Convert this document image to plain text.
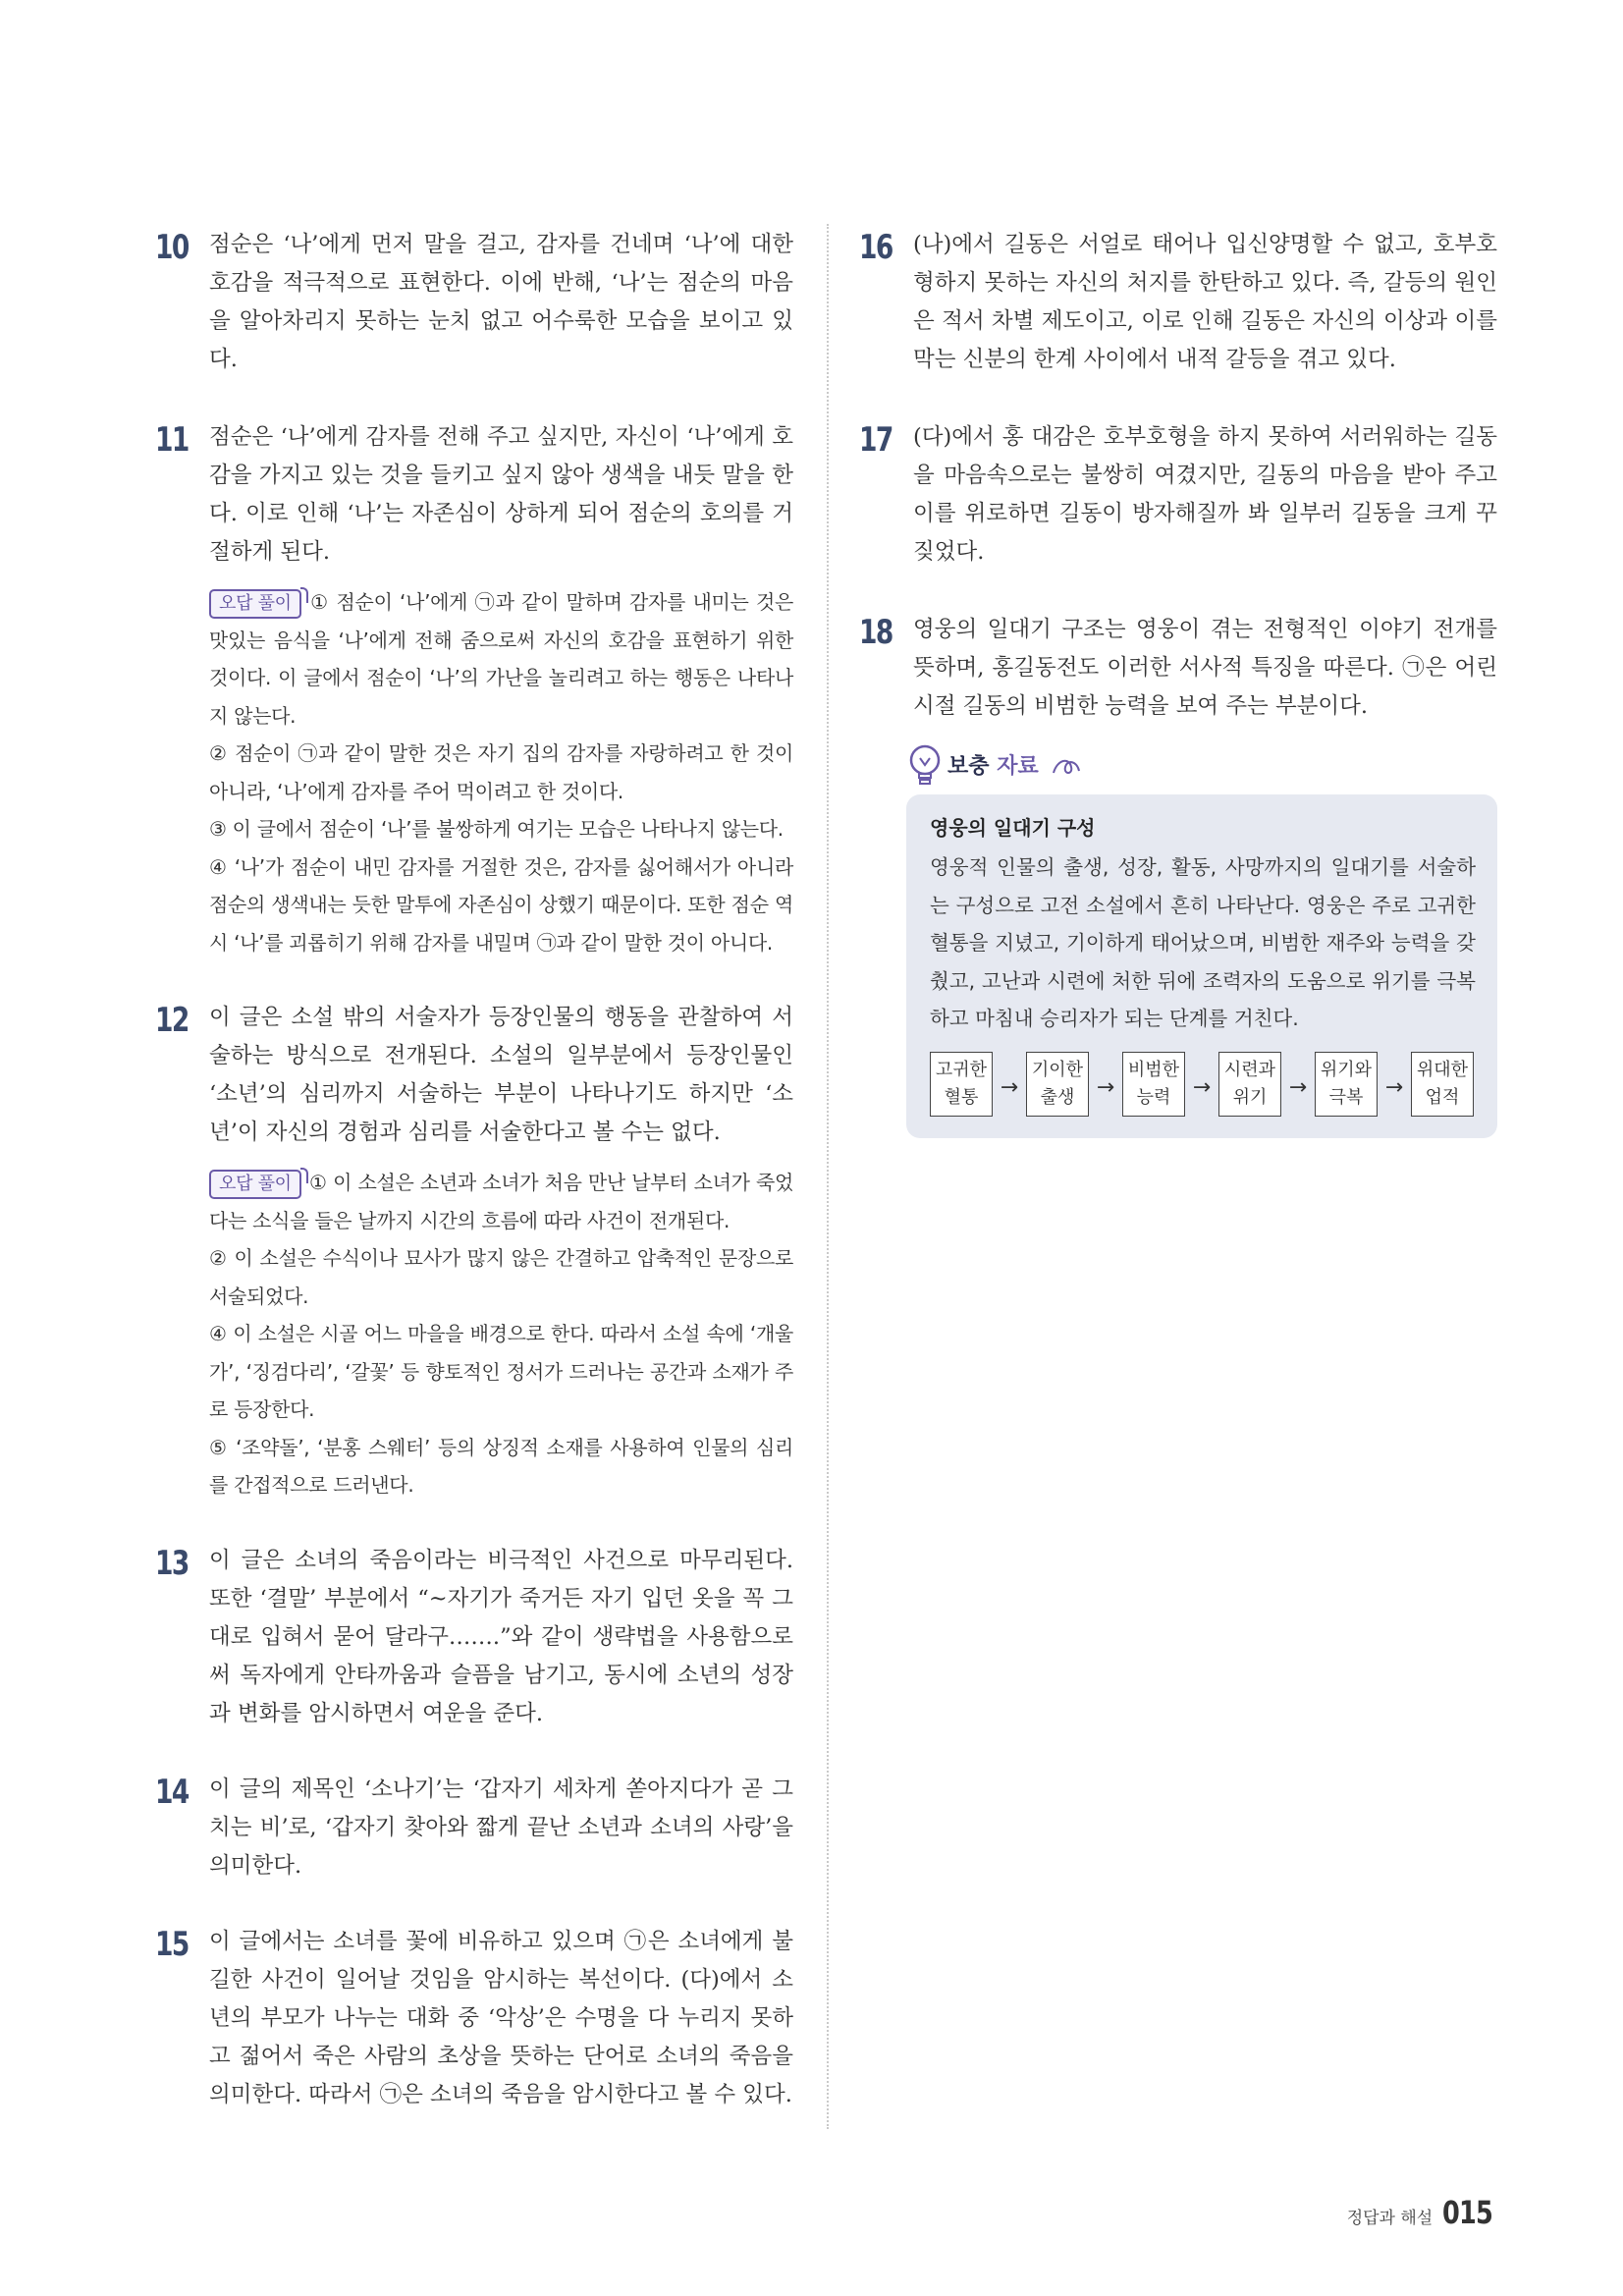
10 점순은 ‘나’에게 먼저 말을 걸고, 감자를 건네며 ‘나’에 대한 호감을 적극적으로 표현한다. 이에 반해, ‘나’는 점순의 마음을 알아차리지 못하는 눈치 없고 어수룩한 모습을 보이고 있다.

11 점순은 ‘나’에게 감자를 전해 주고 싶지만, 자신이 ‘나’에게 호감을 가지고 있는 것을 들키고 싶지 않아 생색을 내듯 말을 한다. 이로 인해 ‘나’는 자존심이 상하게 되어 점순의 호의를 거절하게 된다.

오답 풀이 ① 점순이 ‘나’에게 ㉠과 같이 말하며 감자를 내미는 것은 맛있는 음식을 ‘나’에게 전해 줌으로써 자신의 호감을 표현하기 위한 것이다. 이 글에서 점순이 ‘나’의 가난을 놀리려고 하는 행동은 나타나지 않는다.

② 점순이 ㉠과 같이 말한 것은 자기 집의 감자를 자랑하려고 한 것이 아니라, ‘나’에게 감자를 주어 먹이려고 한 것이다.

③ 이 글에서 점순이 ‘나’를 불쌍하게 여기는 모습은 나타나지 않는다.

④ ‘나’가 점순이 내민 감자를 거절한 것은, 감자를 싫어해서가 아니라 점순의 생색내는 듯한 말투에 자존심이 상했기 때문이다. 또한 점순 역시 ‘나’를 괴롭히기 위해 감자를 내밀며 ㉠과 같이 말한 것이 아니다.

12 이 글은 소설 밖의 서술자가 등장인물의 행동을 관찰하여 서술하는 방식으로 전개된다. 소설의 일부분에서 등장인물인 ‘소년’의 심리까지 서술하는 부분이 나타나기도 하지만 ‘소년’이 자신의 경험과 심리를 서술한다고 볼 수는 없다.

오답 풀이 ① 이 소설은 소년과 소녀가 처음 만난 날부터 소녀가 죽었다는 소식을 들은 날까지 시간의 흐름에 따라 사건이 전개된다.

② 이 소설은 수식이나 묘사가 많지 않은 간결하고 압축적인 문장으로 서술되었다.

④ 이 소설은 시골 어느 마을을 배경으로 한다. 따라서 소설 속에 ‘개울가’, ‘징검다리’, ‘갈꽃’ 등 향토적인 정서가 드러나는 공간과 소재가 주로 등장한다.

⑤ ‘조약돌’, ‘분홍 스웨터’ 등의 상징적 소재를 사용하여 인물의 심리를 간접적으로 드러낸다.

13 이 글은 소녀의 죽음이라는 비극적인 사건으로 마무리된다. 또한 ‘결말’ 부분에서 “~자기가 죽거든 자기 입던 옷을 꼭 그대로 입혀서 묻어 달라구…….”와 같이 생략법을 사용함으로써 독자에게 안타까움과 슬픔을 남기고, 동시에 소년의 성장과 변화를 암시하면서 여운을 준다.

14 이 글의 제목인 ‘소나기’는 ‘갑자기 세차게 쏟아지다가 곧 그치는 비’로, ‘갑자기 찾아와 짧게 끝난 소년과 소녀의 사랑’을 의미한다.

15 이 글에서는 소녀를 꽃에 비유하고 있으며 ㉠은 소녀에게 불길한 사건이 일어날 것임을 암시하는 복선이다. (다)에서 소년의 부모가 나누는 대화 중 ‘악상’은 수명을 다 누리지 못하고 젊어서 죽은 사람의 초상을 뜻하는 단어로 소녀의 죽음을 의미한다. 따라서 ㉠은 소녀의 죽음을 암시한다고 볼 수 있다.

16 (나)에서 길동은 서얼로 태어나 입신양명할 수 없고, 호부호형하지 못하는 자신의 처지를 한탄하고 있다. 즉, 갈등의 원인은 적서 차별 제도이고, 이로 인해 길동은 자신의 이상과 이를 막는 신분의 한계 사이에서 내적 갈등을 겪고 있다.

17 (다)에서 홍 대감은 호부호형을 하지 못하여 서러워하는 길동을 마음속으로는 불쌍히 여겼지만, 길동의 마음을 받아 주고 이를 위로하면 길동이 방자해질까 봐 일부러 길동을 크게 꾸짖었다.

18 영웅의 일대기 구조는 영웅이 겪는 전형적인 이야기 전개를 뜻하며, 홍길동전도 이러한 서사적 특징을 따른다. ㉠은 어린 시절 길동의 비범한 능력을 보여 주는 부분이다.

보충 자료
영웅의 일대기 구성

영웅적 인물의 출생, 성장, 활동, 사망까지의 일대기를 서술하는 구성으로 고전 소설에서 흔히 나타난다. 영웅은 주로 고귀한 혈통을 지녔고, 기이하게 태어났으며, 비범한 재주와 능력을 갖췄고, 고난과 시련에 처한 뒤에 조력자의 도움으로 위기를 극복하고 마침내 승리자가 되는 단계를 거친다.

고귀한
혈통	→
기이한
출생	→
비범한
능력	→
시련과
위기	→
위기와
극복	→
위대한
업적
정답과 해설 015
